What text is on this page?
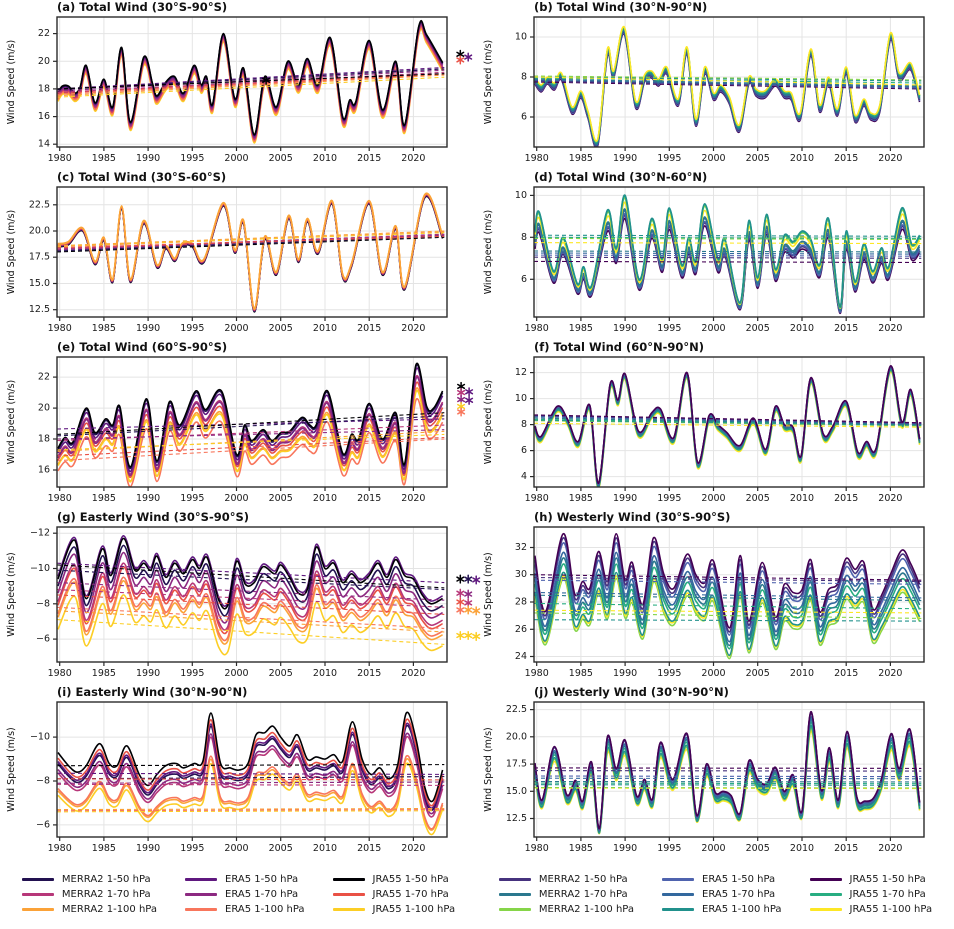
1980 1985 1990 1995 2000 2005 2010 2015 2020
14
16
18
20
22
(a) Total Wind (30°S-90°S)
Wind Speed (m/s)
1980 1985 1990 1995 2000 2005 2010 2015 2020
6
8
10
(b) Total Wind (30°N-90°N)
Wind Speed (m/s)
1980 1985 1990 1995 2000 2005 2010 2015 2020
12.5
15.0
17.5
20.0
22.5
(c) Total Wind (30°S-60°S)
Wind Speed (m/s)
1980 1985 1990 1995 2000 2005 2010 2015 2020
6
8
10
(d) Total Wind (30°N-60°N)
Wind Speed (m/s)
1980 1985 1990 1995 2000 2005 2010 2015 2020
16
18
20
22
(e) Total Wind (60°S-90°S)
Wind Speed (m/s)
1980 1985 1990 1995 2000 2005 2010 2015 2020
4
6
8
10
12
(f) Total Wind (60°N-90°N)
Wind Speed (m/s)
1980 1985 1990 1995 2000 2005 2010 2015 2020
−12
−10
−8
−6
(g) Easterly Wind (30°S-90°S)
Wind Speed (m/s)
1980 1985 1990 1995 2000 2005 2010 2015 2020
24
26
28
30
32
(h) Westerly Wind (30°S-90°S)
Wind Speed (m/s)
1980 1985 1990 1995 2000 2005 2010 2015 2020
−10
−8
−6
(i) Easterly Wind (30°N-90°N)
Wind Speed (m/s)
1980 1985 1990 1995 2000 2005 2010 2015 2020
12.5
15.0
17.5
20.0
22.5
(j) Westerly Wind (30°N-90°N)
Wind Speed (m/s)
MERRA2 1-50 hPa	ERA5 1-50 hPa	JRA55 1-50 hPa
MERRA2 1-70 hPa	ERA5 1-70 hPa	JRA55 1-70 hPa
MERRA2 1-100 hPa	ERA5 1-100 hPa	JRA55 1-100 hPa
MERRA2 1-50 hPa	ERA5 1-50 hPa	JRA55 1-50 hPa
MERRA2 1-70 hPa	ERA5 1-70 hPa	JRA55 1-70 hPa
MERRA2 1-100 hPa	ERA5 1-100 hPa	JRA55 1-100 hPa
